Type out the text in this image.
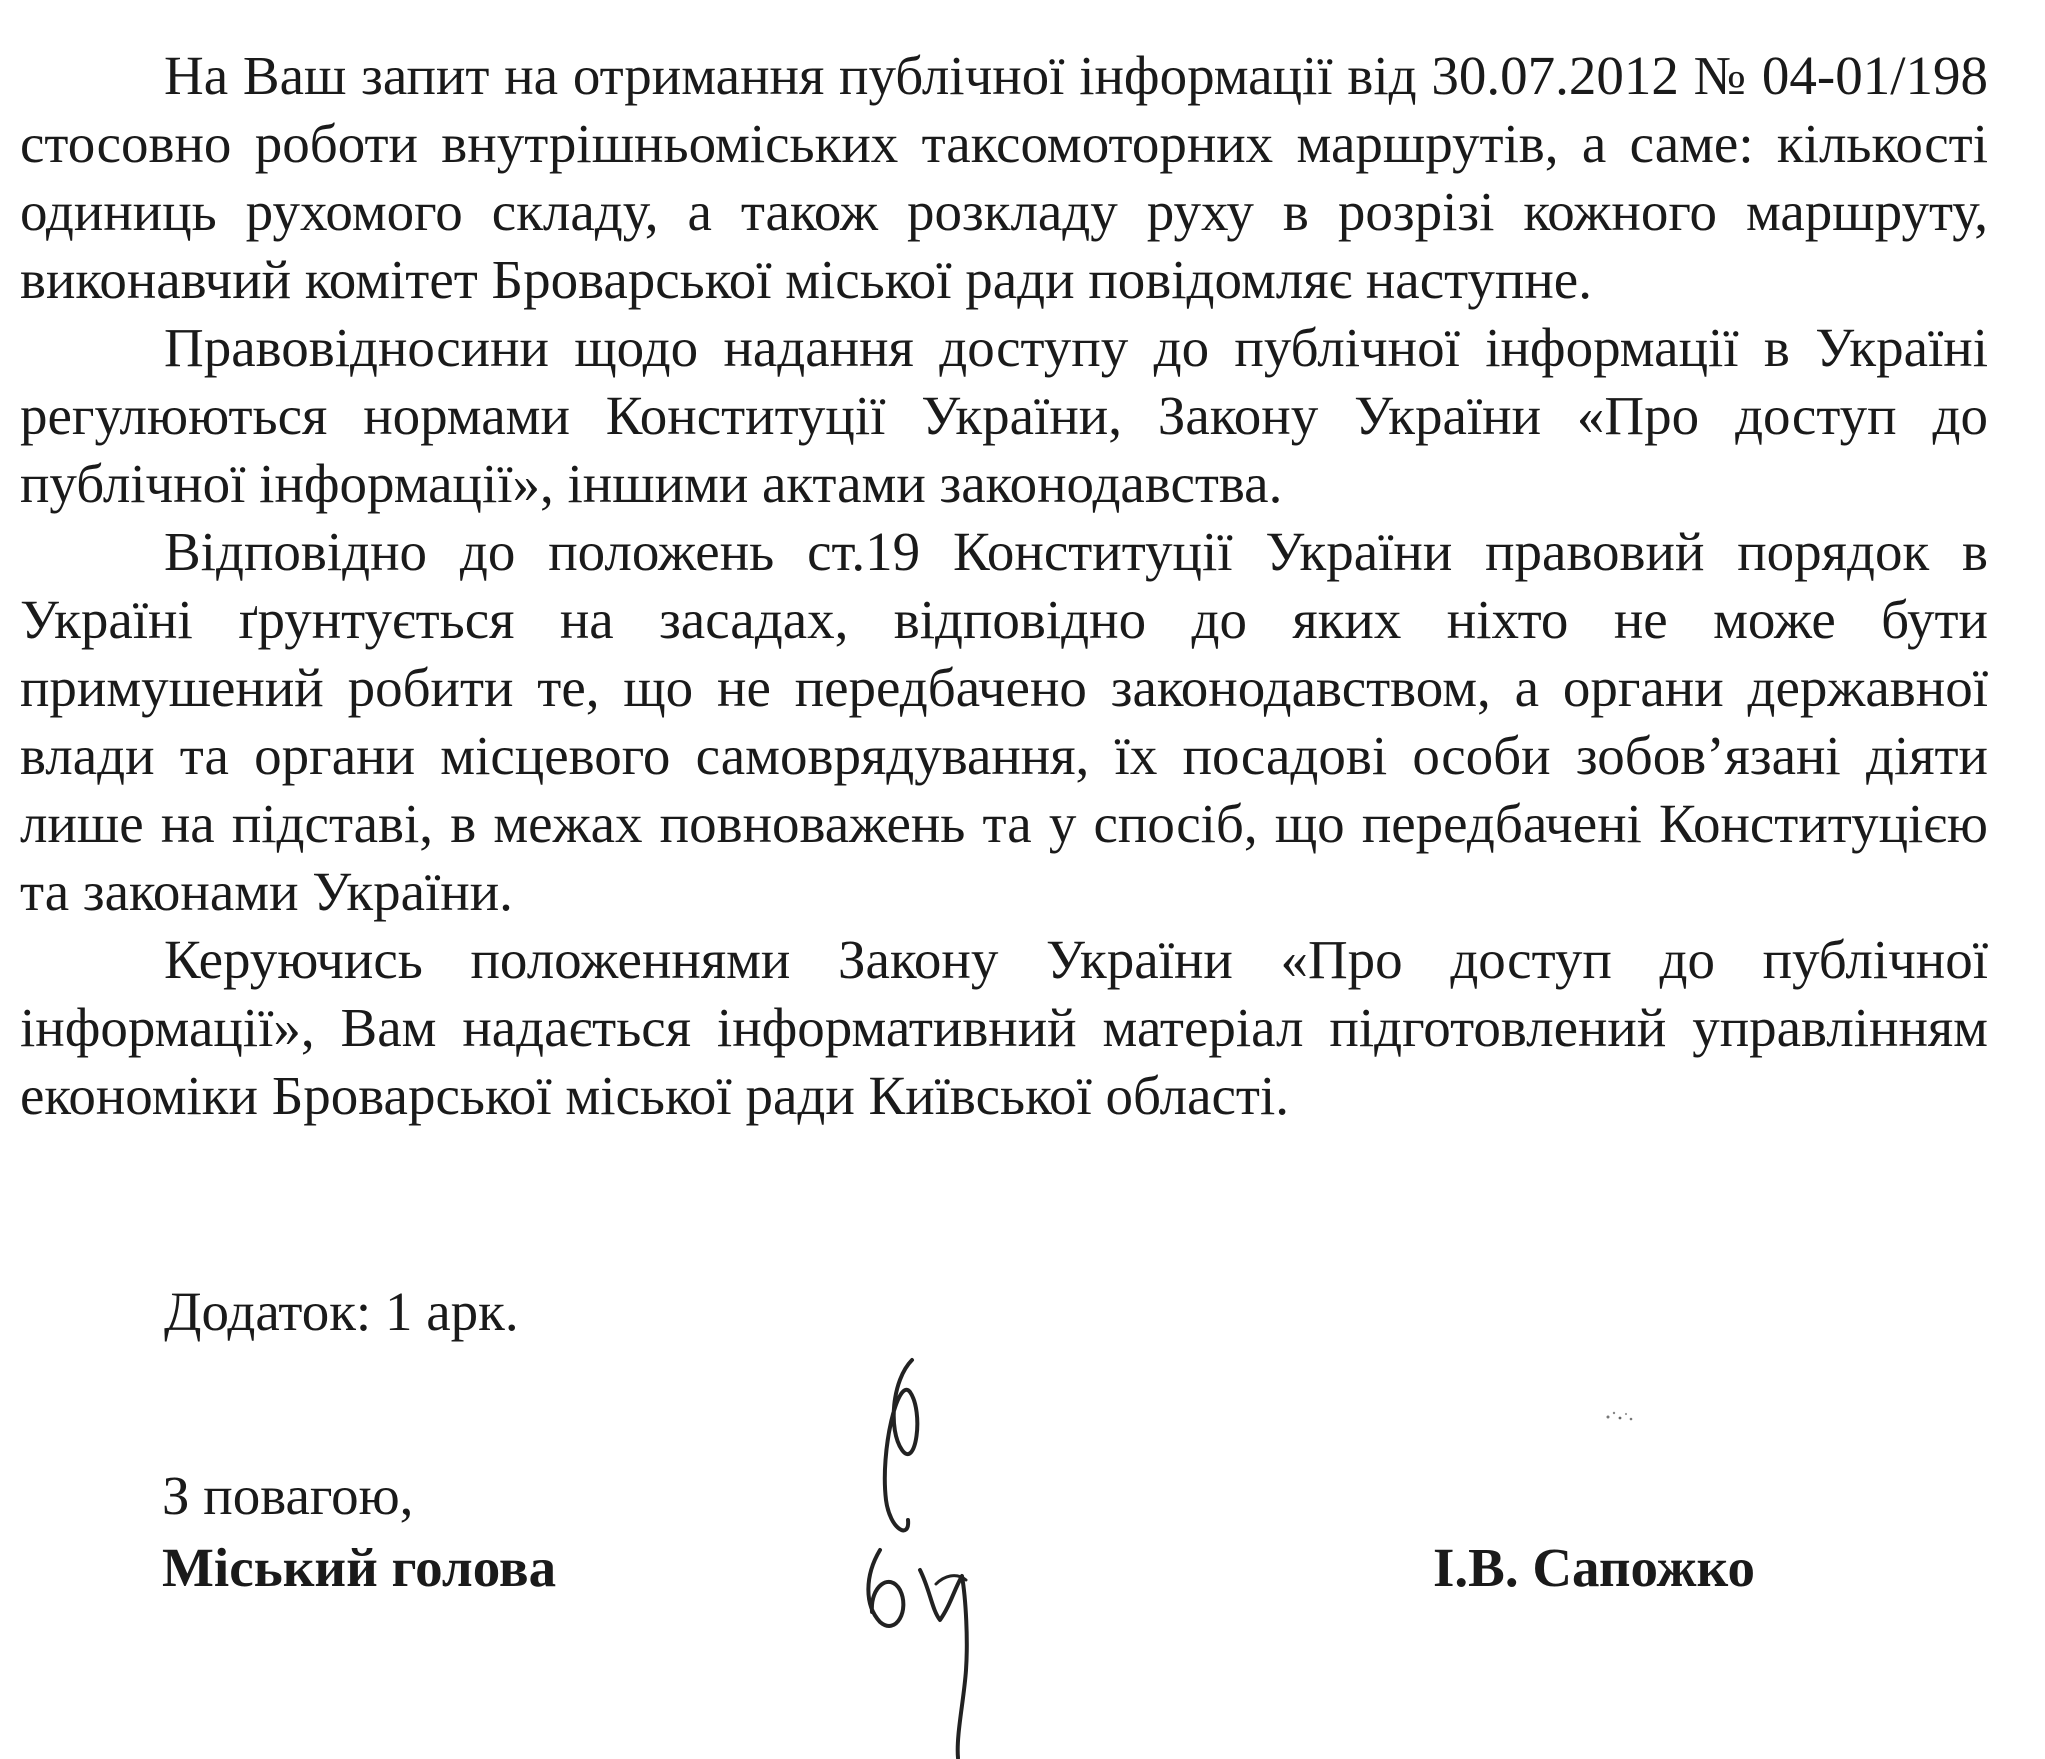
На Ваш запит на отримання публічної інформації від 30.07.2012 № 04-01/198 стосовно роботи внутрішньоміських таксомоторних маршрутів, а саме: кількості одиниць рухомого складу, а також розкладу руху в розрізі кожного маршруту, виконавчий комітет Броварської міської ради повідомляє наступне.

Правовідносини щодо надання доступу до публічної інформації в Україні регулюються нормами Конституції України, Закону України «Про доступ до публічної інформації», іншими актами законодавства.

Відповідно до положень ст.19 Конституції України правовий порядок в Україні ґрунтується на засадах, відповідно до яких ніхто не може бути примушений робити те, що не передбачено законодавством, а органи державної влади та органи місцевого самоврядування, їх посадові особи зобов’язані діяти лише на підставі, в межах повноважень та у спосіб, що передбачені Конституцією та законами України.

Керуючись положеннями Закону України «Про доступ до публічної інформації», Вам надається інформативний матеріал підготовлений управлінням економіки Броварської міської ради Київської області.

Додаток: 1 арк.
З повагою,
Міський голова	І.В. Сапожко
